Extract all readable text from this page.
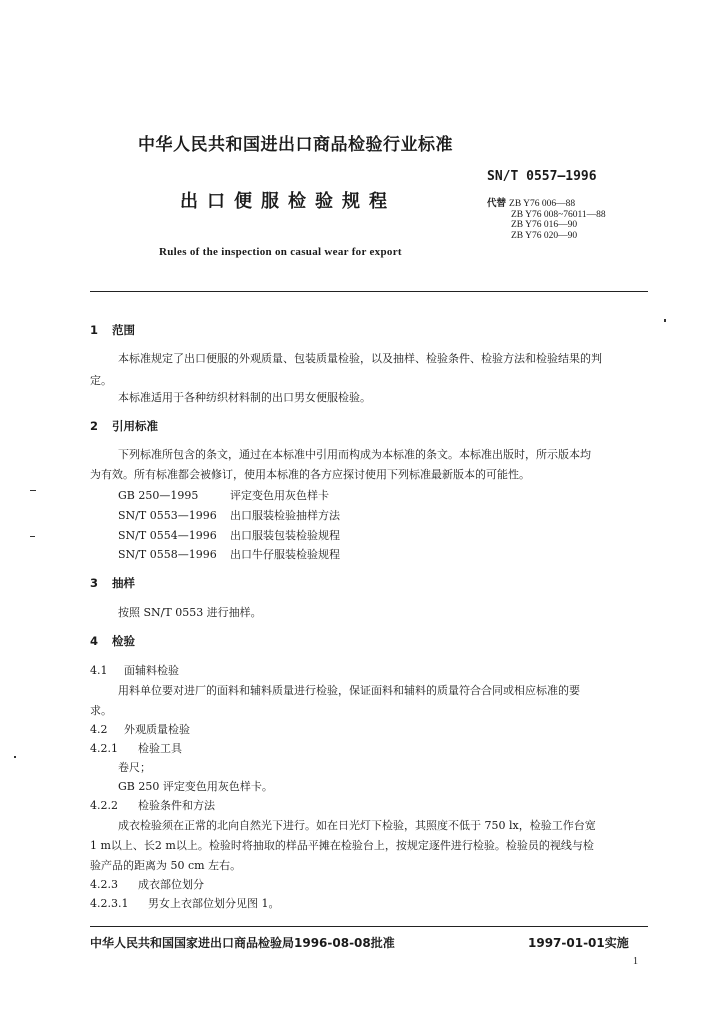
中华人民共和国进出口商品检验行业标准
SN/T 0557—1996
出口便服检验规程	代替 ZB Y76 006—88
ZB Y76 008~76011—88
ZB Y76 016—90
ZB Y76 020—90
Rules of the inspection on casual wear for export
1 范围
本标准规定了出口便服的外观质量、包装质量检验，以及抽样、检验条件、检验方法和检验结果的判
定。
本标准适用于各种纺织材料制的出口男女便服检验。
2 引用标准
下列标准所包含的条文，通过在本标准中引用而构成为本标准的条文。本标准出版时，所示版本均
为有效。所有标准都会被修订，使用本标准的各方应探讨使用下列标准最新版本的可能性。
GB 250—1995	评定变色用灰色样卡
SN/T 0553—1996 出口服装检验抽样方法
SN/T 0554—1996 出口服装包装检验规程
SN/T 0558—1996 出口牛仔服装检验规程
3 抽样
按照 SN/T 0553 进行抽样。
4 检验
4.1 面辅料检验
用料单位要对进厂的面料和辅料质量进行检验，保证面料和辅料的质量符合合同或相应标准的要
求。
4.2 外观质量检验
4.2.1 检验工具
卷尺；
GB 250 评定变色用灰色样卡。
4.2.2 检验条件和方法
成衣检验须在正常的北向自然光下进行。如在日光灯下检验，其照度不低于 750 lx，检验工作台宽
1 m以上、长2 m以上。检验时将抽取的样品平摊在检验台上，按规定逐件进行检验。检验员的视线与检
验产品的距离为 50 cm 左右。
4.2.3 成衣部位划分
4.2.3.1 男女上衣部位划分见图 1。
中华人民共和国国家进出口商品检验局1996-08-08批准	1997-01-01实施
1
